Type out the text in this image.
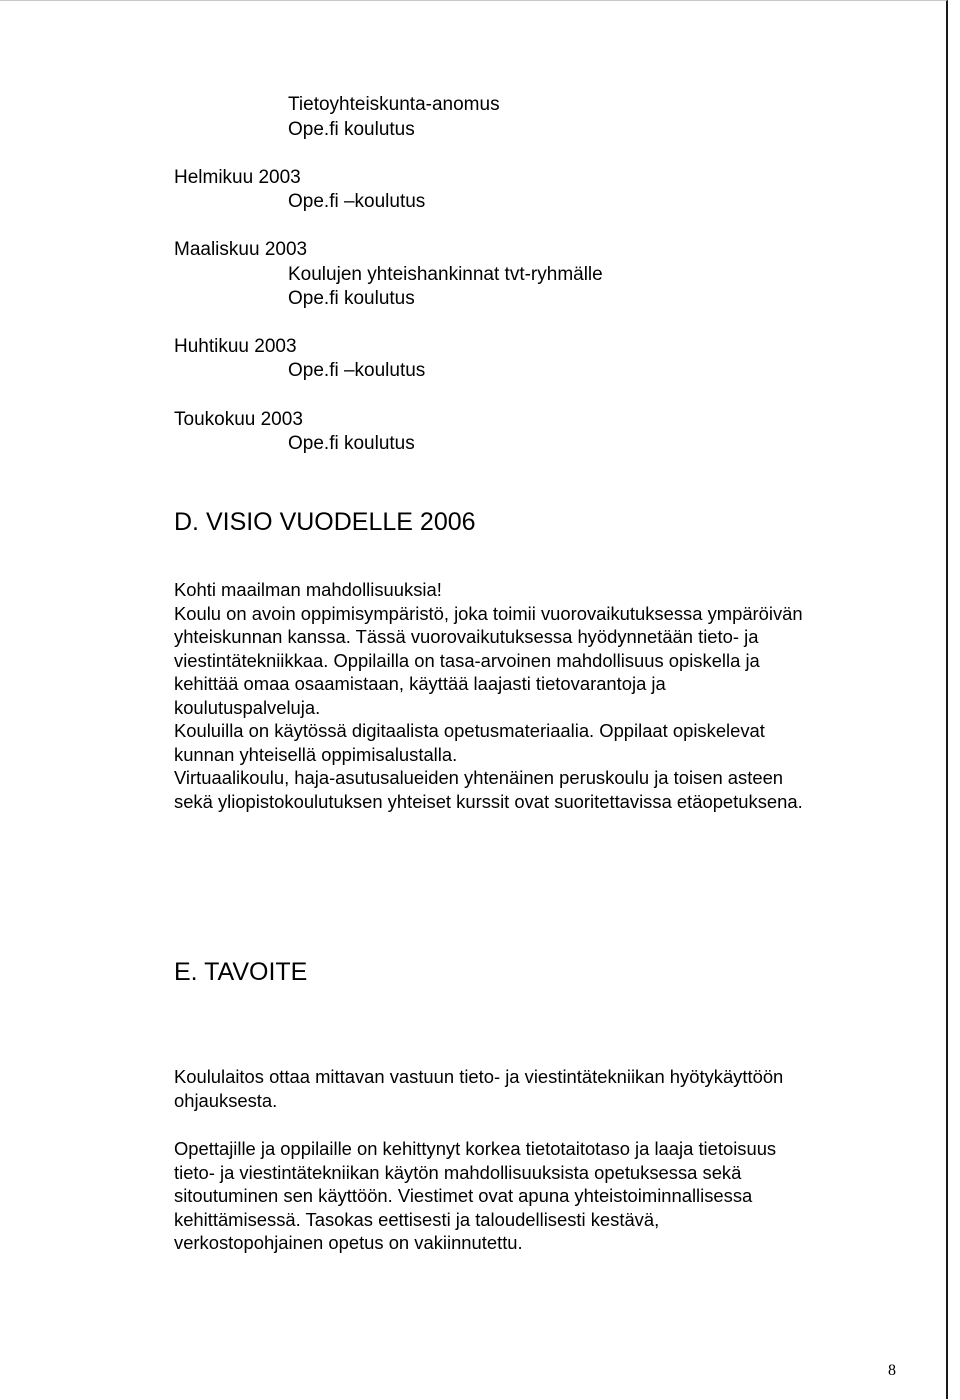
Tietoyhteiskunta-anomus
Ope.fi koulutus
Helmikuu 2003
Ope.fi –koulutus
Maaliskuu 2003
Koulujen yhteishankinnat tvt-ryhmälle
Ope.fi koulutus
Huhtikuu 2003
Ope.fi –koulutus
Toukokuu 2003
Ope.fi koulutus
D. VISIO VUODELLE 2006
Kohti maailman mahdollisuuksia!
Koulu on avoin oppimisympäristö, joka toimii vuorovaikutuksessa ympäröivän
yhteiskunnan kanssa. Tässä vuorovaikutuksessa hyödynnetään tieto- ja
viestintätekniikkaa. Oppilailla on tasa-arvoinen mahdollisuus opiskella ja
kehittää omaa osaamistaan, käyttää laajasti tietovarantoja ja
koulutuspalveluja.
Kouluilla on käytössä digitaalista opetusmateriaalia. Oppilaat opiskelevat
kunnan yhteisellä oppimisalustalla.
Virtuaalikoulu, haja-asutusalueiden yhtenäinen peruskoulu ja toisen asteen
sekä yliopistokoulutuksen yhteiset kurssit ovat suoritettavissa etäopetuksena.
E. TAVOITE
Koululaitos ottaa mittavan vastuun tieto- ja viestintätekniikan hyötykäyttöön
ohjauksesta.
Opettajille ja oppilaille on kehittynyt korkea tietotaitotaso ja laaja tietoisuus
tieto- ja viestintätekniikan käytön mahdollisuuksista opetuksessa sekä
sitoutuminen sen käyttöön. Viestimet ovat apuna yhteistoiminnallisessa
kehittämisessä. Tasokas eettisesti ja taloudellisesti kestävä,
verkostopohjainen opetus on vakiinnutettu.
8
